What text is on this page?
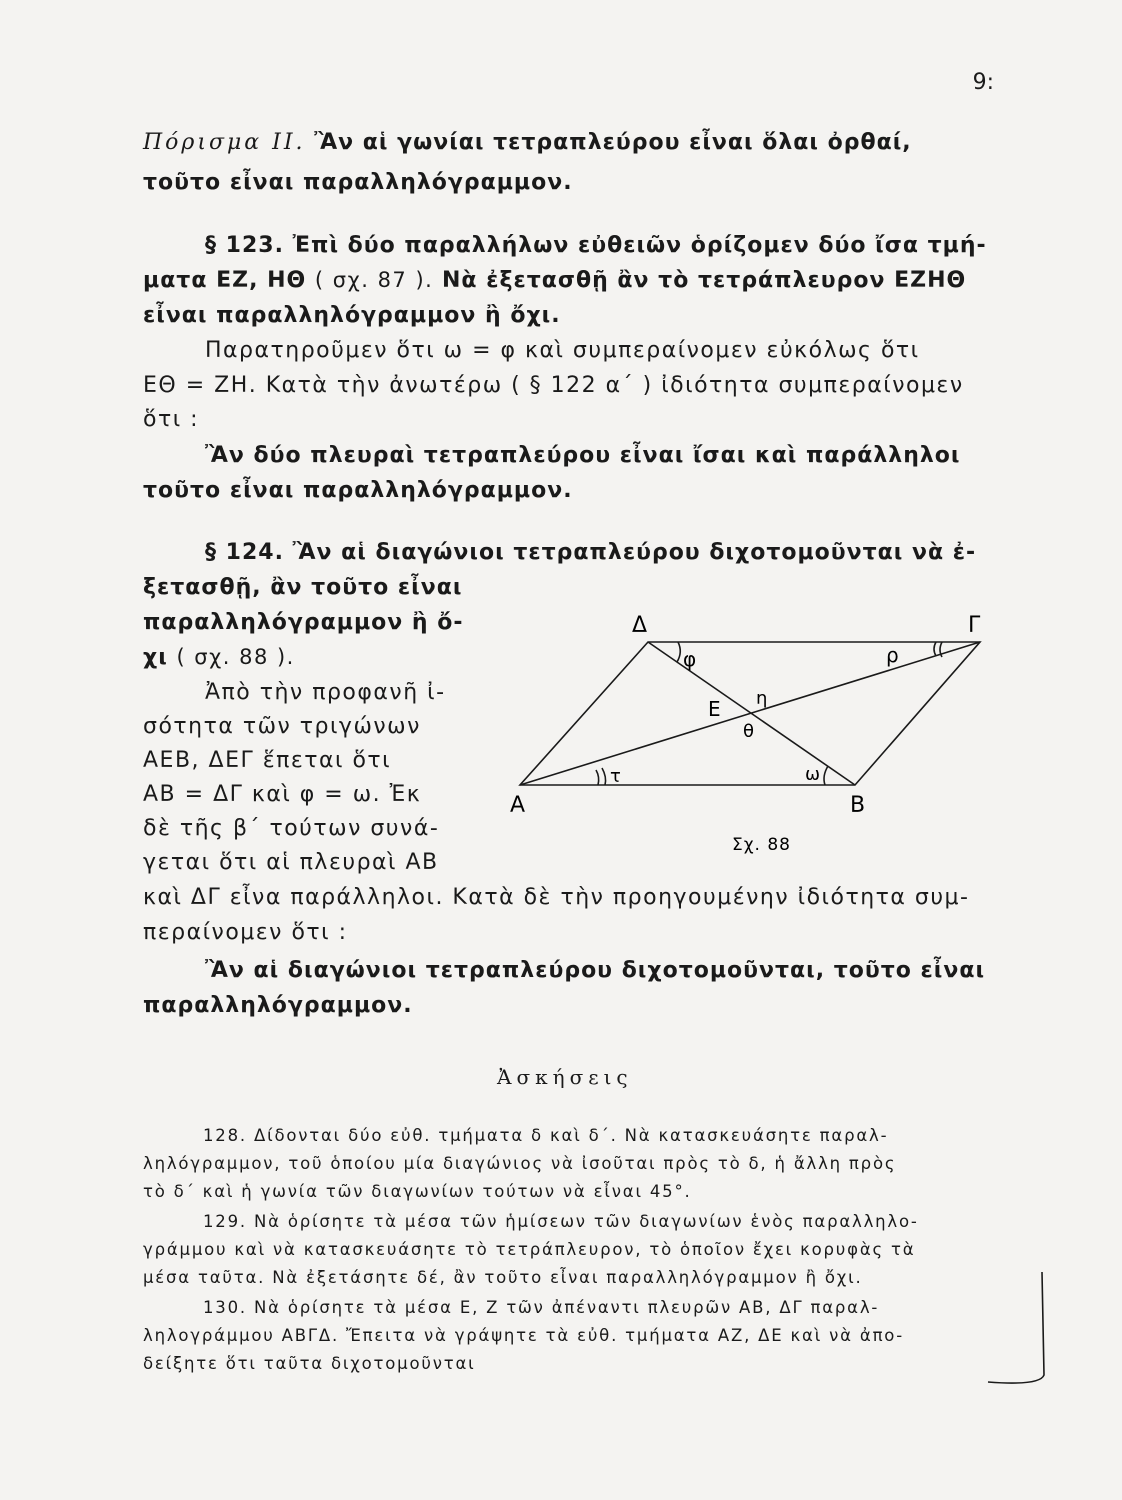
9:
Πόρισμα ΙΙ. Ἂν αἱ γωνίαι τετραπλεύρου εἶναι ὅλαι ὀρθαί,
τοῦτο εἶναι παραλληλόγραμμον.
§ 123. Ἐπὶ δύο παραλλήλων εὐθειῶν ὁρίζομεν δύο ἴσα τμή-
ματα ΕΖ, ΗΘ ( σχ. 87 ). Νὰ ἐξετασθῇ ἂν τὸ τετράπλευρον ΕΖΗΘ
εἶναι παραλληλόγραμμον ἢ ὄχι.
Παρατηροῦμεν ὅτι ω = φ καὶ συμπεραίνομεν εὐκόλως ὅτι
ΕΘ = ΖΗ. Κατὰ τὴν ἀνωτέρω ( § 122 α΄ ) ἰδιότητα συμπεραίνομεν
ὅτι :
Ἂν δύο πλευραὶ τετραπλεύρου εἶναι ἴσαι καὶ παράλληλοι
τοῦτο εἶναι παραλληλόγραμμον.
§ 124. Ἂν αἱ διαγώνιοι τετραπλεύρου διχοτομοῦνται νὰ ἐ-
ξετασθῇ, ἂν τοῦτο εἶναι
παραλληλόγραμμον ἢ ὄ-
χι ( σχ. 88 ).
Ἀπὸ τὴν προφανῆ ἰ-
σότητα τῶν τριγώνων
ΑΕΒ, ΔΕΓ ἕπεται ὅτι
ΑΒ = ΔΓ καὶ φ = ω. Ἐκ
δὲ τῆς β΄ τούτων συνά-
γεται ὅτι αἱ πλευραὶ ΑΒ
καὶ ΔΓ εἶνα παράλληλοι. Κατὰ δὲ τὴν προηγουμένην ἰδιότητα συμ-
περαίνομεν ὅτι :
Ἂν αἱ διαγώνιοι τετραπλεύρου διχοτομοῦνται, τοῦτο εἶναι
παραλληλόγραμμον.
Α	Β
Γ
Δ
Ε
φ	ρ
η
θ
τ	ω
Σχ. 88
Ἀσκήσεις
128. Δίδονται δύο εὐθ. τμήματα δ καὶ δ΄. Νὰ κατασκευάσητε παραλ-
ληλόγραμμον, τοῦ ὁποίου μία διαγώνιος νὰ ἰσοῦται πρὸς τὸ δ, ἡ ἄλλη πρὸς
τὸ δ΄ καὶ ἡ γωνία τῶν διαγωνίων τούτων νὰ εἶναι 45°.
129. Νὰ ὁρίσητε τὰ μέσα τῶν ἡμίσεων τῶν διαγωνίων ἑνὸς παραλληλο-
γράμμου καὶ νὰ κατασκευάσητε τὸ τετράπλευρον, τὸ ὁποῖον ἔχει κορυφὰς τὰ
μέσα ταῦτα. Νὰ ἐξετάσητε δέ, ἂν τοῦτο εἶναι παραλληλόγραμμον ἢ ὄχι.
130. Νὰ ὁρίσητε τὰ μέσα Ε, Ζ τῶν ἀπέναντι πλευρῶν ΑΒ, ΔΓ παραλ-
ληλογράμμου ΑΒΓΔ. Ἔπειτα νὰ γράψητε τὰ εὐθ. τμήματα ΑΖ, ΔΕ καὶ νὰ ἀπο-
δείξητε ὅτι ταῦτα διχοτομοῦνται
